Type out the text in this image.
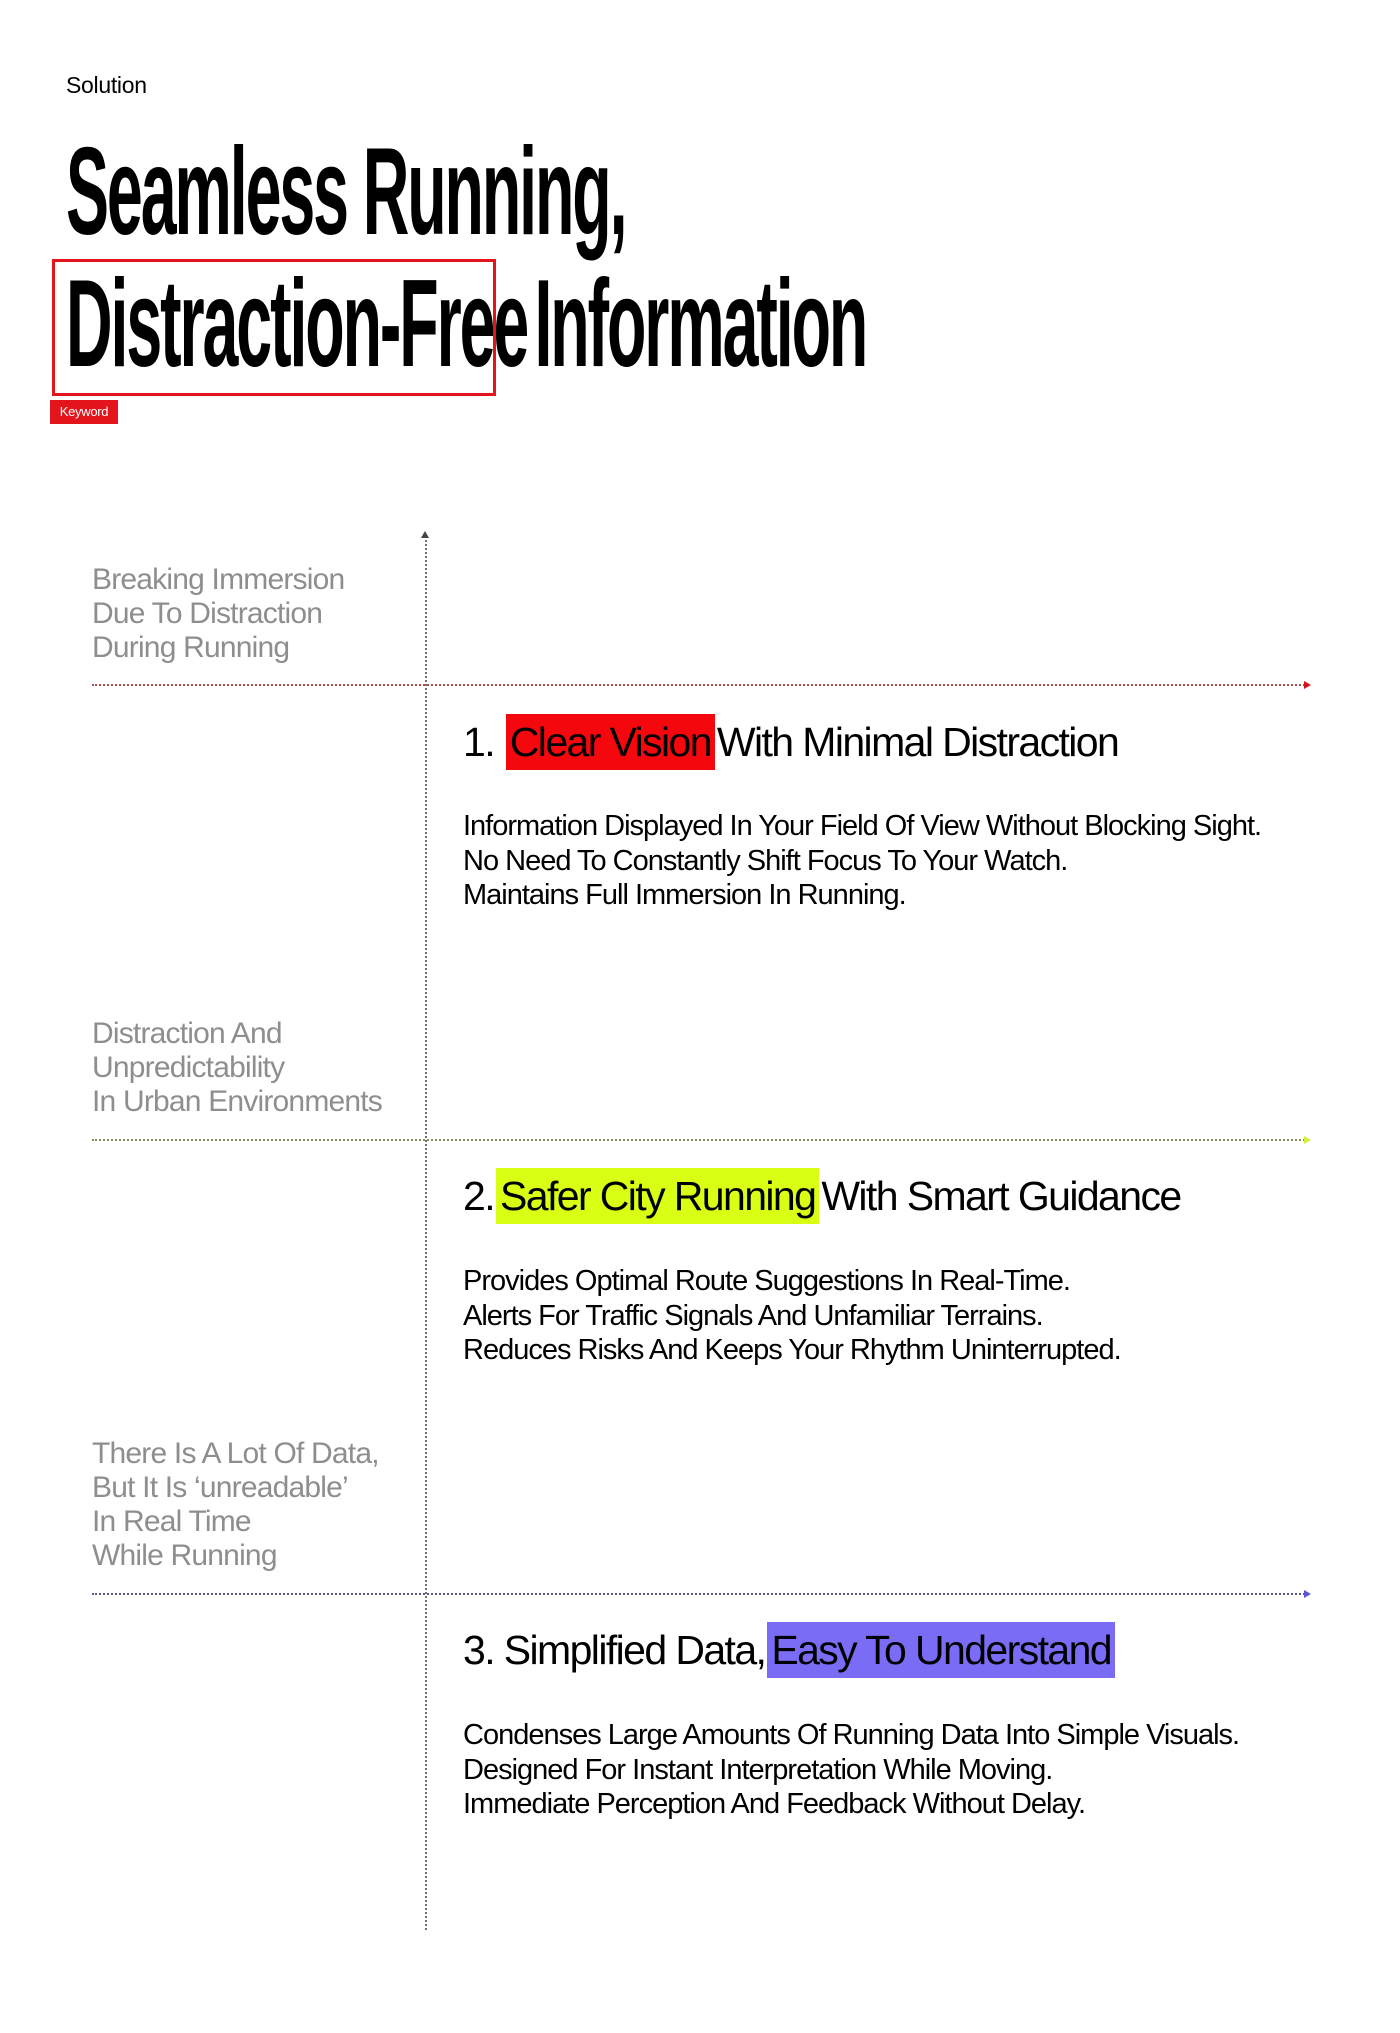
Solution
Seamless Running,
Distraction-FreeInformation
Keyword
Breaking Immersion
Due To Distraction
During Running
Distraction And
Unpredictability
In Urban Environments
There Is A Lot Of Data,
But It Is ‘unreadable’
In Real Time
While Running
1. Clear Vision With Minimal Distraction
Information Displayed In Your Field Of View Without Blocking Sight.
No Need To Constantly Shift Focus To Your Watch.
Maintains Full Immersion In Running.
2. Safer City Running With Smart Guidance
Provides Optimal Route Suggestions In Real-Time.
Alerts For Traffic Signals And Unfamiliar Terrains.
Reduces Risks And Keeps Your Rhythm Uninterrupted.
3. Simplified Data, Easy To Understand
Condenses Large Amounts Of Running Data Into Simple Visuals.
Designed For Instant Interpretation While Moving.
Immediate Perception And Feedback Without Delay.
